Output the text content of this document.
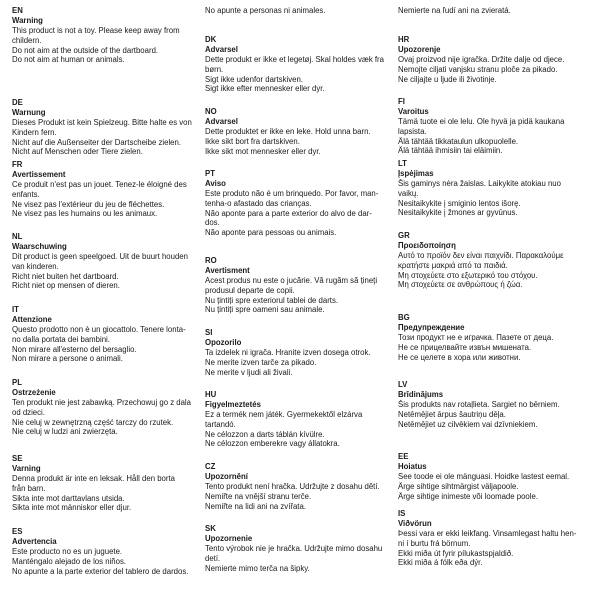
EN
Warning
This product is not a toy. Please keep away from
childern.
Do not aim at the outside of the dartboard.
Do not aim at human or animals.
DE
Warnung
Dieses Produkt ist kein Spielzeug. Bitte halte es von
Kindern fern.
Nicht auf die Außenseiter der Dartscheibe zielen.
Nicht auf Menschen oder Tiere zielen.
FR
Avertissement
Ce produit n'est pas un jouet. Tenez-le éloigné des
enfants.
Ne visez pas l'extérieur du jeu de fléchettes.
Ne visez pas les humains ou les animaux.
NL
Waarschuwing
Dit product is geen speelgoed. Uit de buurt houden
van kinderen.
Richt niet buiten het dartboard.
Richt niet op mensen of dieren.
IT
Attenzione
Questo prodotto non è un giocattolo. Tenere lonta-
no dalla portata dei bambini.
Non mirare all'esterno del bersaglio.
Non mirare a persone o animali.
PL
Ostrzeżenie
Ten produkt nie jest zabawką. Przechowuj go z dala
od dzieci.
Nie celuj w zewnętrzną część tarczy do rzutek.
Nie celuj w ludzi ani zwierzęta.
SE
Varning
Denna produkt är inte en leksak. Håll den borta
från barn.
Sikta inte mot darttavlans utsida.
Sikta inte mot människor eller djur.
ES
Advertencia
Este producto no es un juguete.
Manténgalo alejado de los niños.
No apunte a la parte exterior del tablero de dardos.
No apunte a personas ni animales.
DK
Advarsel
Dette produkt er ikke et legetøj. Skal holdes væk fra
børn.
Sigt ikke udenfor dartskiven.
Sigt ikke efter mennesker eller dyr.
NO
Advarsel
Dette produktet er ikke en leke. Hold unna barn.
Ikke sikt bort fra dartskiven.
Ikke sikt mot mennesker eller dyr.
PT
Aviso
Este produto não é um brinquedo. Por favor, man-
tenha-o afastado das crianças.
Não aponte para a parte exterior do alvo de dar-
dos.
Não aponte para pessoas ou animais.
RO
Avertisment
Acest produs nu este o jucărie. Vă rugăm să țineți
produsul departe de copii.
Nu țintiți spre exteriorul tablei de darts.
Nu țintiți spre oameni sau animale.
SI
Opozorilo
Ta izdelek ni igrača. Hranite izven dosega otrok.
Ne merite izven tarče za pikado.
Ne merite v ljudi ali živali.
HU
Figyelmeztetés
Ez a termék nem játék. Gyermekektől elzárva
tartandó.
Ne célozzon a darts táblán kívülre.
Ne célozzon emberekre vagy állatokra.
CZ
Upozornění
Tento produkt není hračka. Udržujte z dosahu dětí.
Nemiřte na vnější stranu terče.
Nemiřte na lidi ani na zvířata.
SK
Upozornenie
Tento výrobok nie je hračka. Udržujte mimo dosahu
detí.
Nemierte mimo terča na šipky.
Nemierte na ľudí ani na zvieratá.
HR
Upozorenje
Ovaj proizvod nije igračka. Držite dalje od djece.
Nemojte ciljati vanjsku stranu ploče za pikado.
Ne ciljajte u ljude ili životinje.
FI
Varoitus
Tämä tuote ei ole lelu. Ole hyvä ja pidä kaukana
lapsista.
Älä tähtää tikkataulun ulkopuolelle.
Älä tähtää ihmisiin tai eläimiin.
LT
Įspėjimas
Šis gaminys nėra žaislas. Laikykite atokiau nuo
vaikų.
Nesitaikykite į smiginio lentos išorę.
Nesitaikykite į žmones ar gyvūnus.
GR
Προειδοποίηση
Αυτό το προϊόν δεν είναι παιχνίδι. Παρακαλούμε
κρατήστε μακριά από τα παιδιά.
Μη στοχεύετε στο εξωτερικό του στόχου.
Μη στοχεύετε σε ανθρώπους ή ζώα.
BG
Предупреждение
Този продукт не е играчка. Пазете от деца.
Не се прицелвайте извън мишената.
Не се целете в хора или животни.
LV
Brīdinājums
Šis produkts nav rotaļlieta. Sargiet no bērniem.
Netēmējiet ārpus šautriņu dēļa.
Netēmējiet uz cilvēkiem vai dzīvniekiem.
EE
Hoiatus
See toode ei ole mänguasi. Hoidke lastest eemal.
Ärge sihtige sihtmärgist väljapoole.
Ärge sihtige inimeste või loomade poole.
IS
Viðvörun
Þessi vara er ekki leikfang. Vinsamlegast haltu hen-
ni í burtu frá börnum.
Ekki miða út fyrir pílukastspjaldið.
Ekki miða á fólk eða dýr.
